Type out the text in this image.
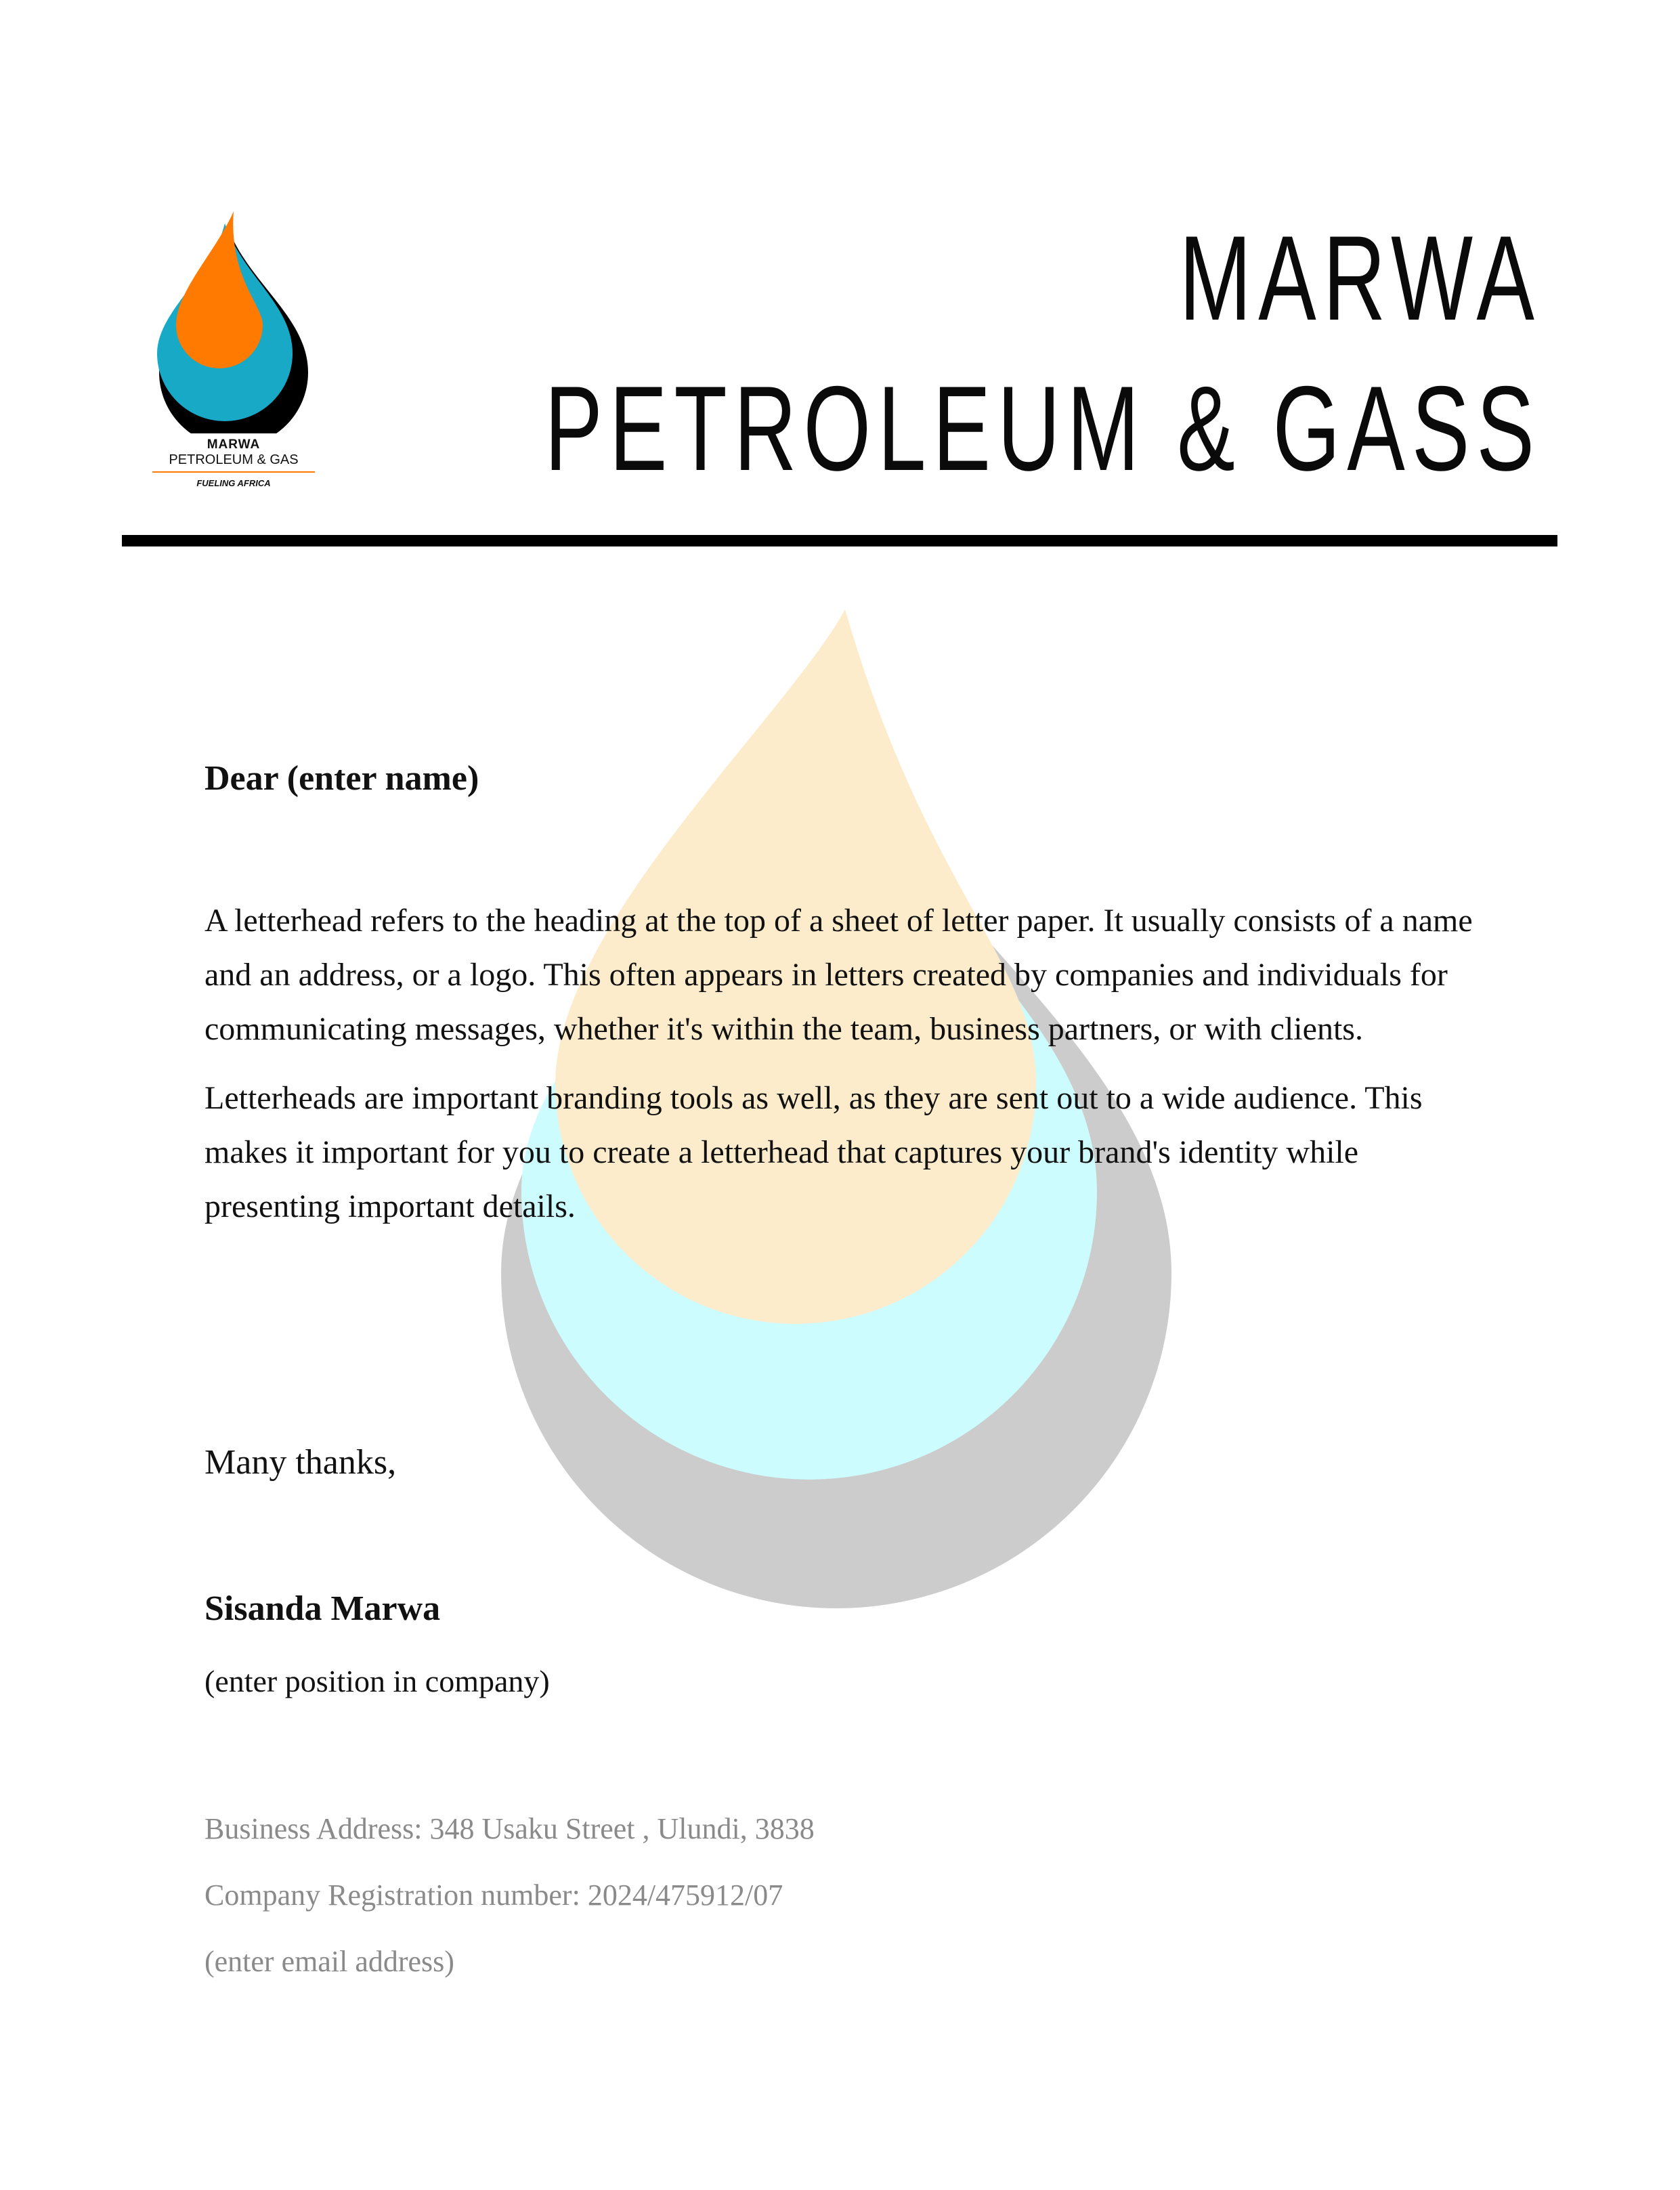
MARWA
PETROLEUM & GAS
FUELING AFRICA
MARWA
PETROLEUM & GASS
Dear (enter name)

A letterhead refers to the heading at the top of a sheet of letter paper. It usually consists of a name and an address, or a logo. This often appears in letters created by companies and individuals for communicating messages, whether it's within the team, business partners, or with clients.

Letterheads are important branding tools as well, as they are sent out to a wide audience. This makes it important for you to create a letterhead that captures your brand's identity while presenting important details.

Many thanks,
Sisanda Marwa
(enter position in company)
Business Address: 348 Usaku Street , Ulundi, 3838
Company Registration number: 2024/475912/07
(enter email address)
